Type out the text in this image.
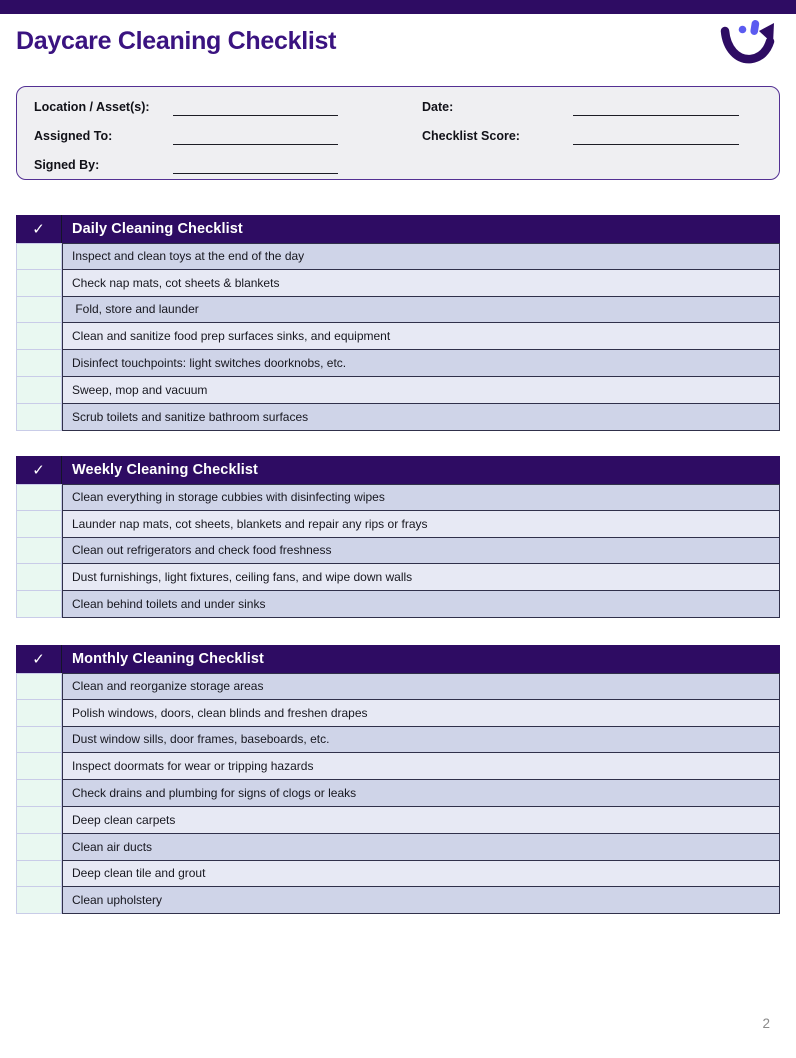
Daycare Cleaning Checklist
Location / Asset(s):
Assigned To:
Signed By:
Date:
Checklist Score:
✓	Daily Cleaning Checklist
Inspect and clean toys at the end of the day
Check nap mats, cot sheets & blankets
Fold, store and launder
Clean and sanitize food prep surfaces sinks, and equipment
Disinfect touchpoints: light switches doorknobs, etc.
Sweep, mop and vacuum
Scrub toilets and sanitize bathroom surfaces
✓	Weekly Cleaning Checklist
Clean everything in storage cubbies with disinfecting wipes
Launder nap mats, cot sheets, blankets and repair any rips or frays
Clean out refrigerators and check food freshness
Dust furnishings, light fixtures, ceiling fans, and wipe down walls
Clean behind toilets and under sinks
✓	Monthly Cleaning Checklist
Clean and reorganize storage areas
Polish windows, doors, clean blinds and freshen drapes
Dust window sills, door frames, baseboards, etc.
Inspect doormats for wear or tripping hazards
Check drains and plumbing for signs of clogs or leaks
Deep clean carpets
Clean air ducts
Deep clean tile and grout
Clean upholstery
2
